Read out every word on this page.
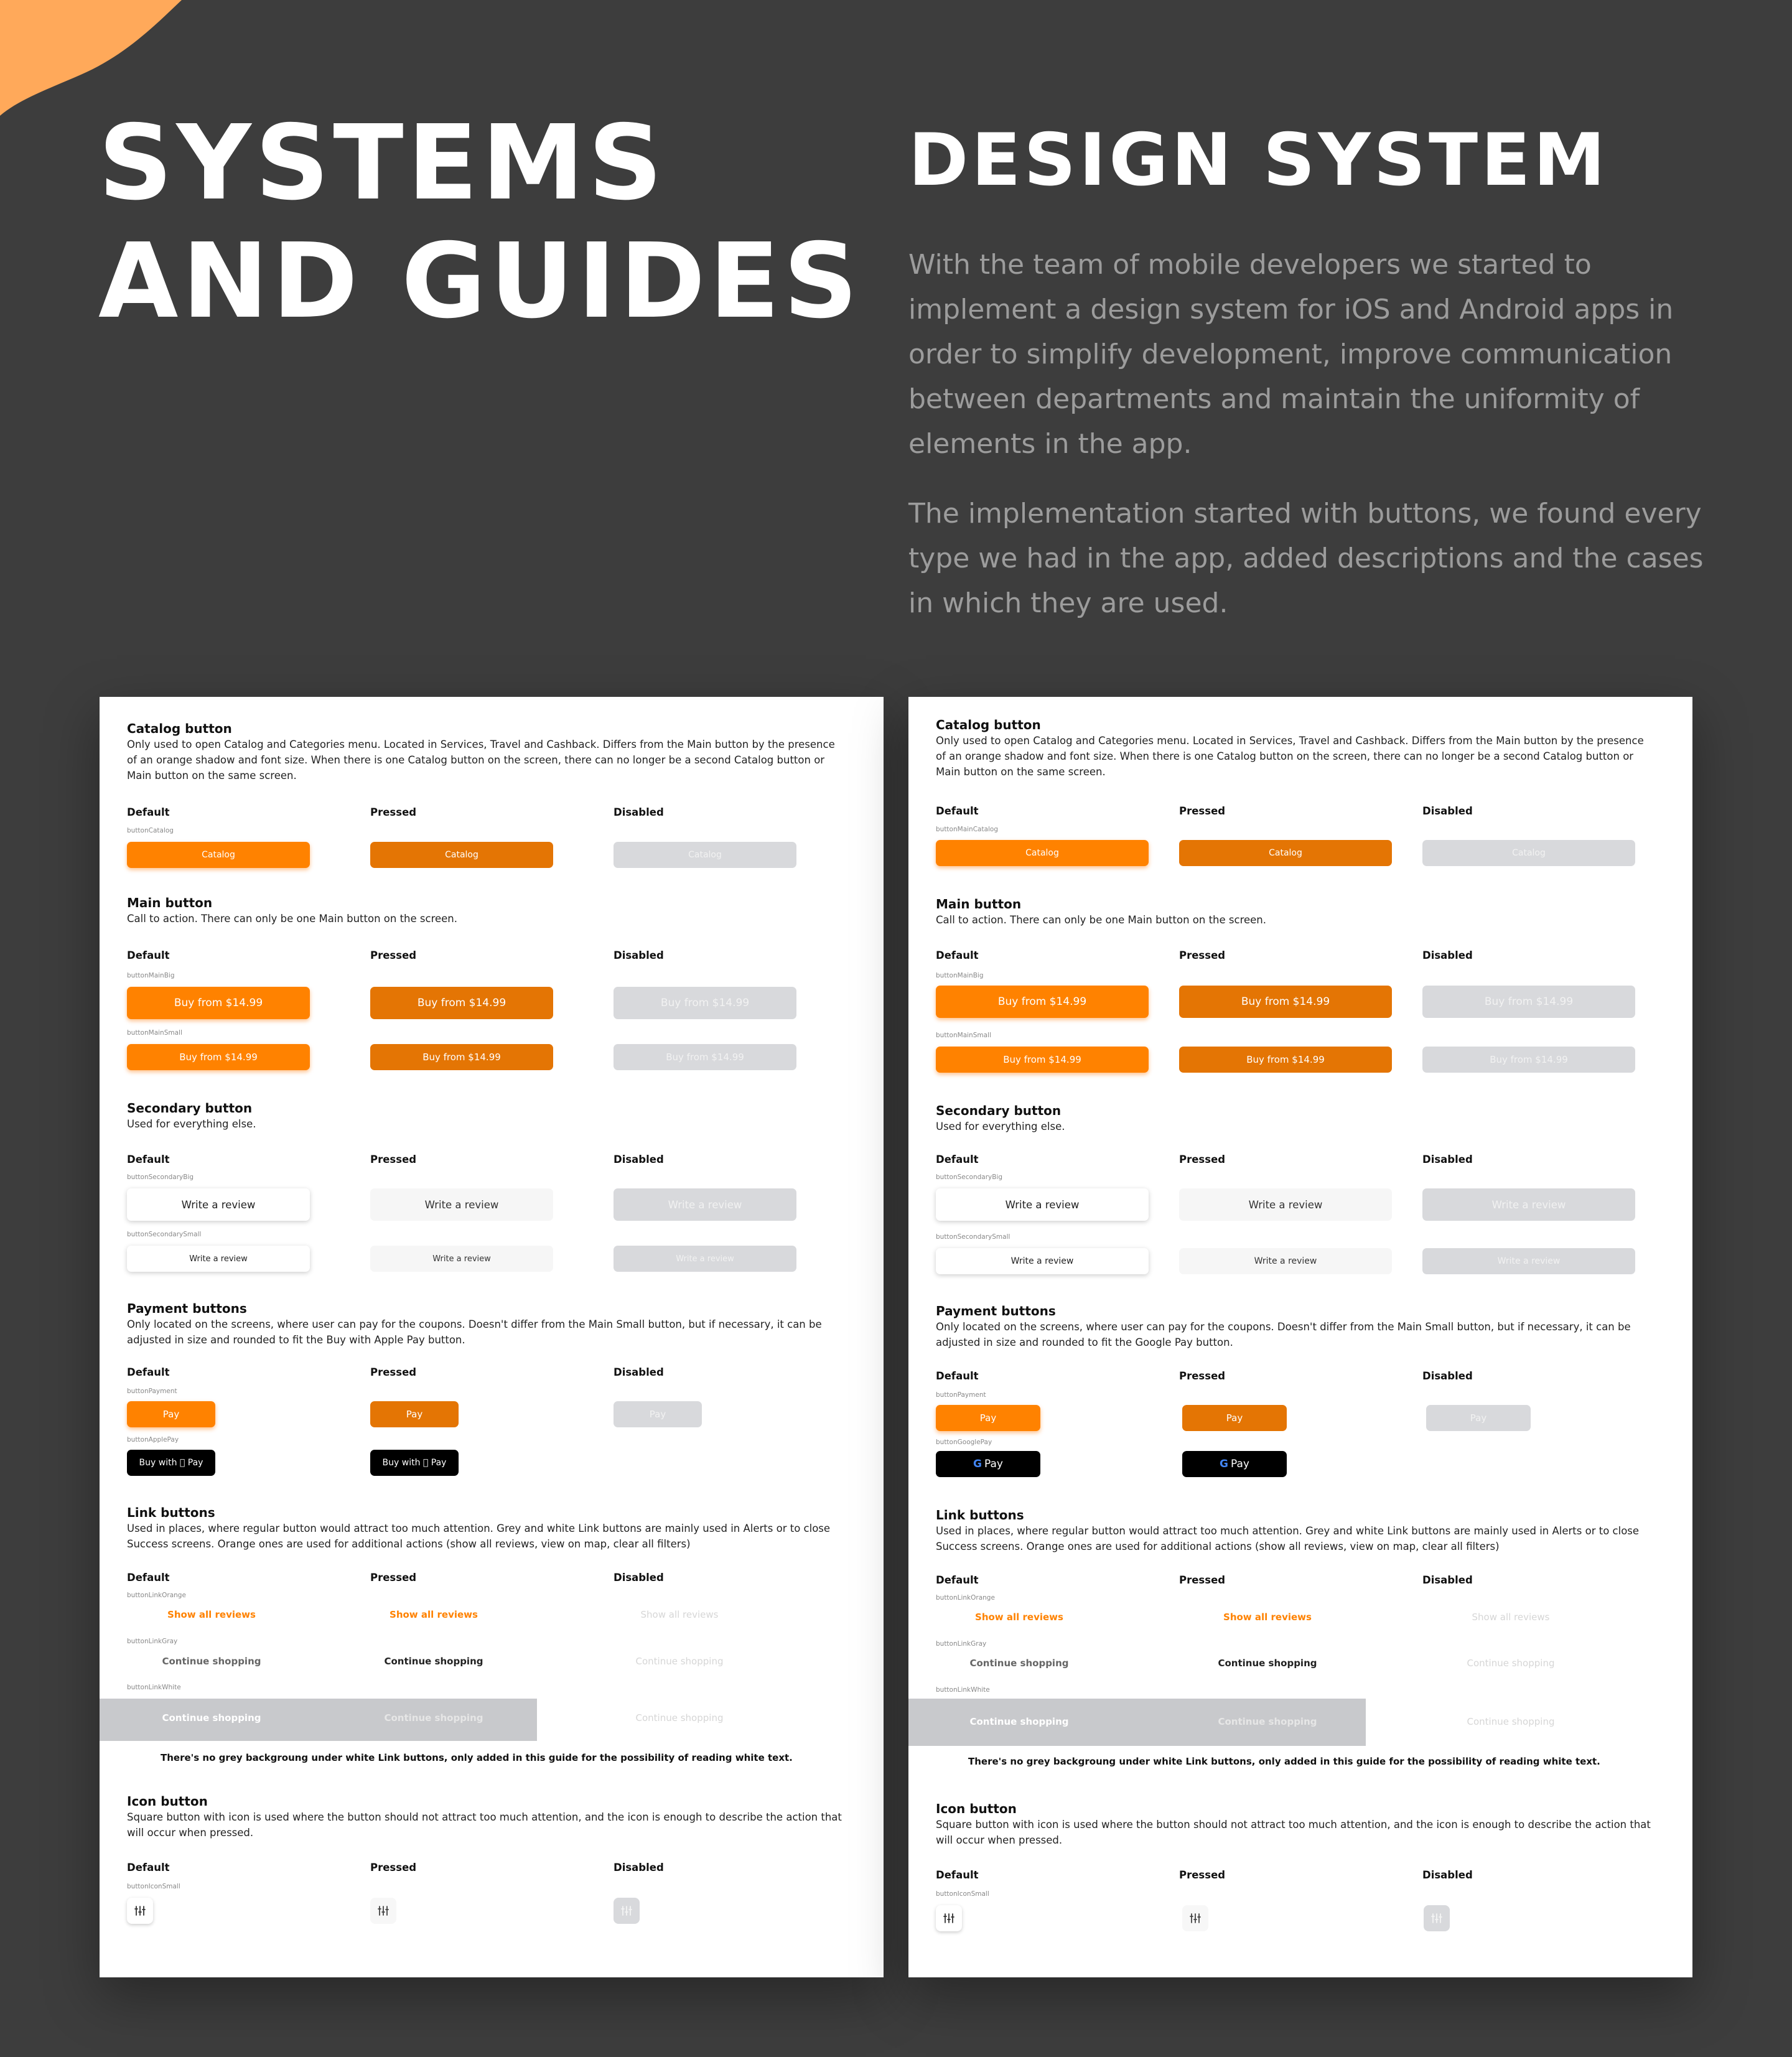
SYSTEMS
AND GUIDES
DESIGN SYSTEM

With the team of mobile developers we started to implement a design system for iOS and Android apps in order to simplify development, improve communication between departments and maintain the uniformity of elements in the app.

The implementation started with buttons, we found every type we had in the app, added descriptions and the cases in which they are used.

Catalog button
Only used to open Catalog and Categories menu. Located in Services, Travel and Cashback. Differs from the Main button by the presence of an orange shadow and font size. When there is one Catalog button on the screen, there can no longer be a second Catalog button or Main button on the same screen.
Default	Pressed	Disabled
buttonCatalog
Catalog	Catalog	Catalog
Main button
Call to action. There can only be one Main button on the screen.
Default	Pressed	Disabled
buttonMainBig
Buy from $14.99	Buy from $14.99	Buy from $14.99
buttonMainSmall
Buy from $14.99	Buy from $14.99	Buy from $14.99
Secondary button
Used for everything else.
Default	Pressed	Disabled
buttonSecondaryBig
Write a review	Write a review	Write a review
buttonSecondarySmall
Write a review	Write a review	Write a review
Payment buttons
Only located on the screens, where user can pay for the coupons. Doesn't differ from the Main Small button, but if necessary, it can be adjusted in size and rounded to fit the Buy with Apple Pay button.
Default	Pressed	Disabled
buttonPayment
Pay	Pay	Pay
buttonApplePay
Buy with Pay	Buy with Pay
Link buttons
Used in places, where regular button would attract too much attention. Grey and white Link buttons are mainly used in Alerts or to close Success screens. Orange ones are used for additional actions (show all reviews, view on map, clear all filters)
Default	Pressed	Disabled
buttonLinkOrange
Show all reviews	Show all reviews	Show all reviews
buttonLinkGray
Continue shopping	Continue shopping	Continue shopping
buttonLinkWhite
Continue shopping	Continue shopping	Continue shopping
There's no grey backgroung under white Link buttons, only added in this guide for the possibility of reading white text.
Icon button
Square button with icon is used where the button should not attract too much attention, and the icon is enough to describe the action that will occur when pressed.
Default	Pressed	Disabled
buttonIconSmall
Catalog button
Only used to open Catalog and Categories menu. Located in Services, Travel and Cashback. Differs from the Main button by the presence of an orange shadow and font size. When there is one Catalog button on the screen, there can no longer be a second Catalog button or Main button on the same screen.
Default	Pressed	Disabled
buttonMainCatalog
Catalog	Catalog	Catalog
Main button
Call to action. There can only be one Main button on the screen.
Default	Pressed	Disabled
buttonMainBig
Buy from $14.99	Buy from $14.99	Buy from $14.99
buttonMainSmall
Buy from $14.99	Buy from $14.99	Buy from $14.99
Secondary button
Used for everything else.
Default	Pressed	Disabled
buttonSecondaryBig
Write a review	Write a review	Write a review
buttonSecondarySmall
Write a review	Write a review	Write a review
Payment buttons
Only located on the screens, where user can pay for the coupons. Doesn't differ from the Main Small button, but if necessary, it can be adjusted in size and rounded to fit the Google Pay button.
Default	Pressed	Disabled
buttonPayment
Pay	Pay	Pay
buttonGooglePay
G Pay	G Pay
Link buttons
Used in places, where regular button would attract too much attention. Grey and white Link buttons are mainly used in Alerts or to close Success screens. Orange ones are used for additional actions (show all reviews, view on map, clear all filters)
Default	Pressed	Disabled
buttonLinkOrange
Show all reviews	Show all reviews	Show all reviews
buttonLinkGray
Continue shopping	Continue shopping	Continue shopping
buttonLinkWhite
Continue shopping	Continue shopping	Continue shopping
There's no grey backgroung under white Link buttons, only added in this guide for the possibility of reading white text.
Icon button
Square button with icon is used where the button should not attract too much attention, and the icon is enough to describe the action that will occur when pressed.
Default	Pressed	Disabled
buttonIconSmall
